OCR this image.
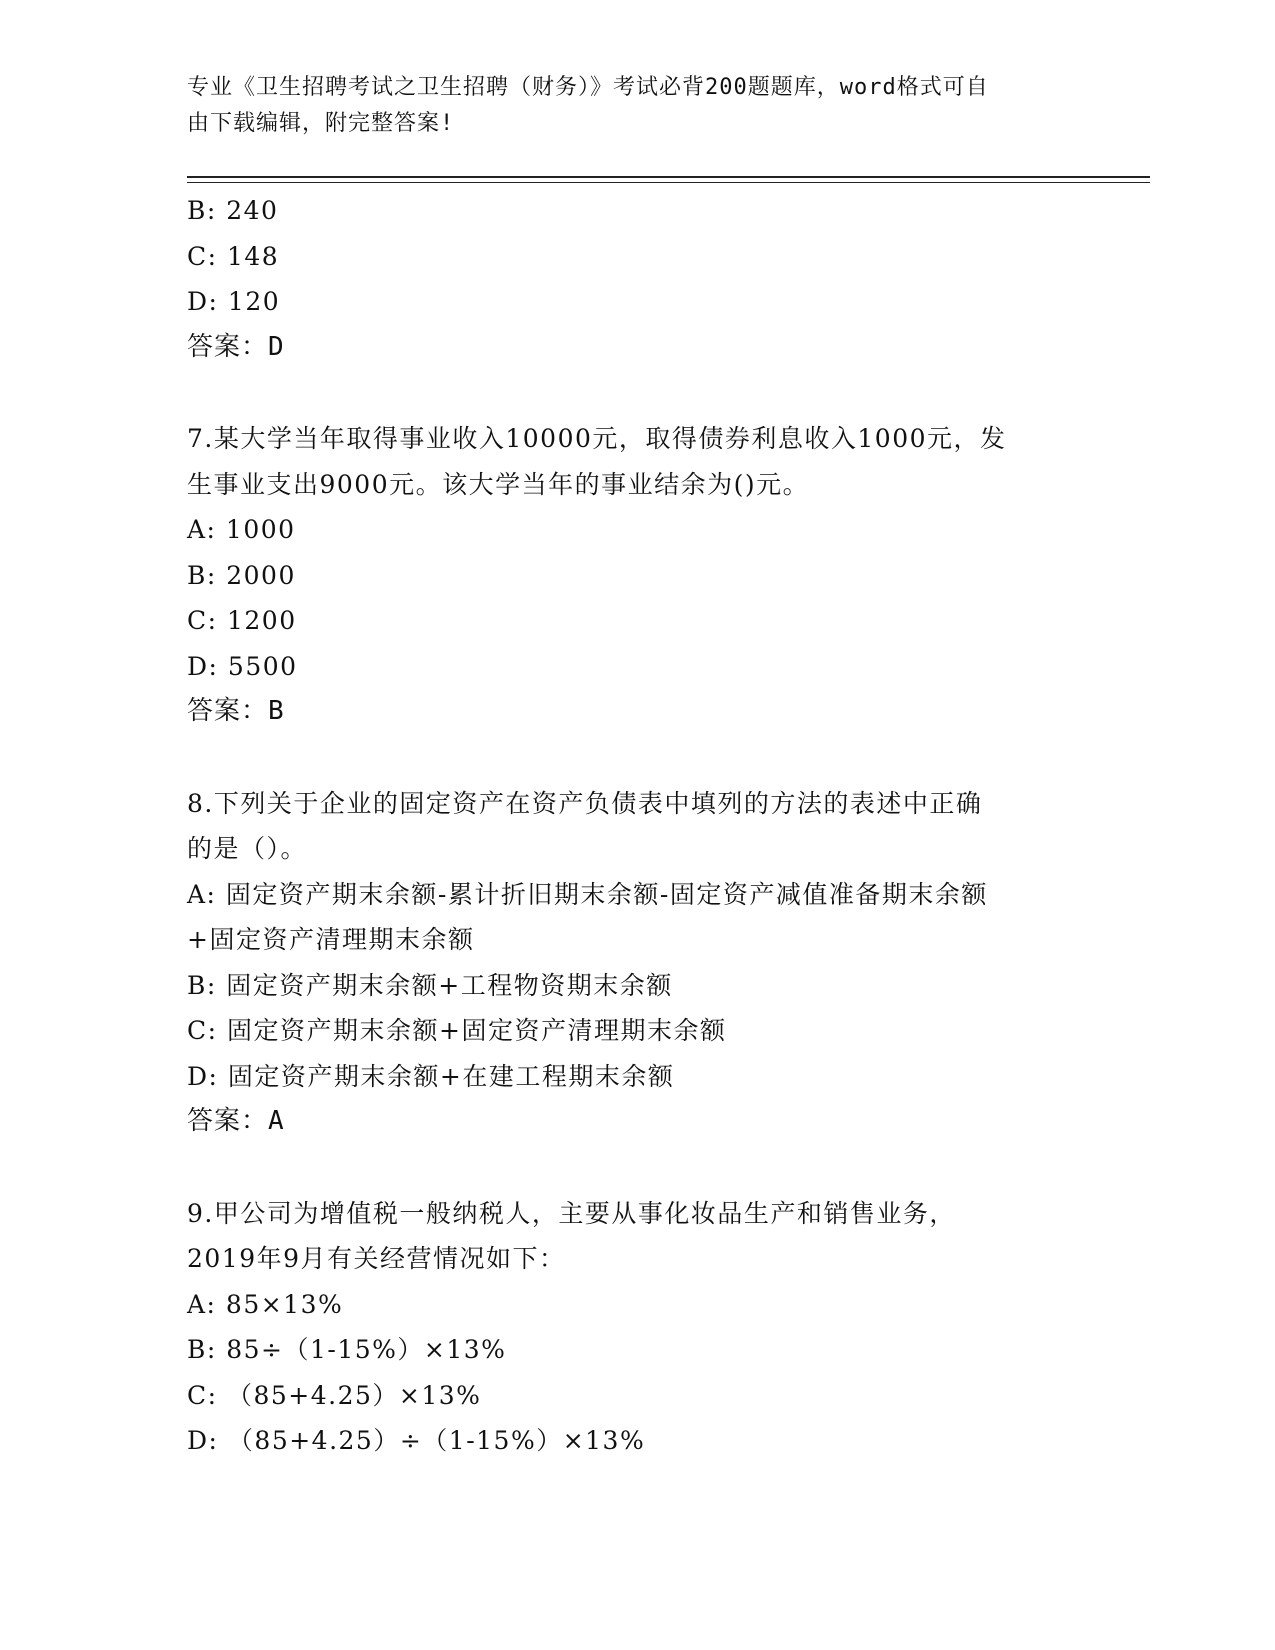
专业《卫生招聘考试之卫生招聘（财务）》考试必背200题题库，word格式可自
由下载编辑，附完整答案!
B: 240
C: 148
D: 120
答案：D
7.某大学当年取得事业收入10000元，取得债券利息收入1000元，发
生事业支出9000元。该大学当年的事业结余为()元。
A: 1000
B: 2000
C: 1200
D: 5500
答案：B
8.下列关于企业的固定资产在资产负债表中填列的方法的表述中正确
的是（）。
A: 固定资产期末余额-累计折旧期末余额-固定资产减值准备期末余额
+固定资产清理期末余额
B: 固定资产期末余额+工程物资期末余额
C: 固定资产期末余额+固定资产清理期末余额
D: 固定资产期末余额+在建工程期末余额
答案：A
9.甲公司为增值税一般纳税人，主要从事化妆品生产和销售业务，
2019年9月有关经营情况如下：
A: 85×13%
B: 85÷（1-15%）×13%
C: （85+4.25）×13%
D: （85+4.25）÷（1-15%）×13%
